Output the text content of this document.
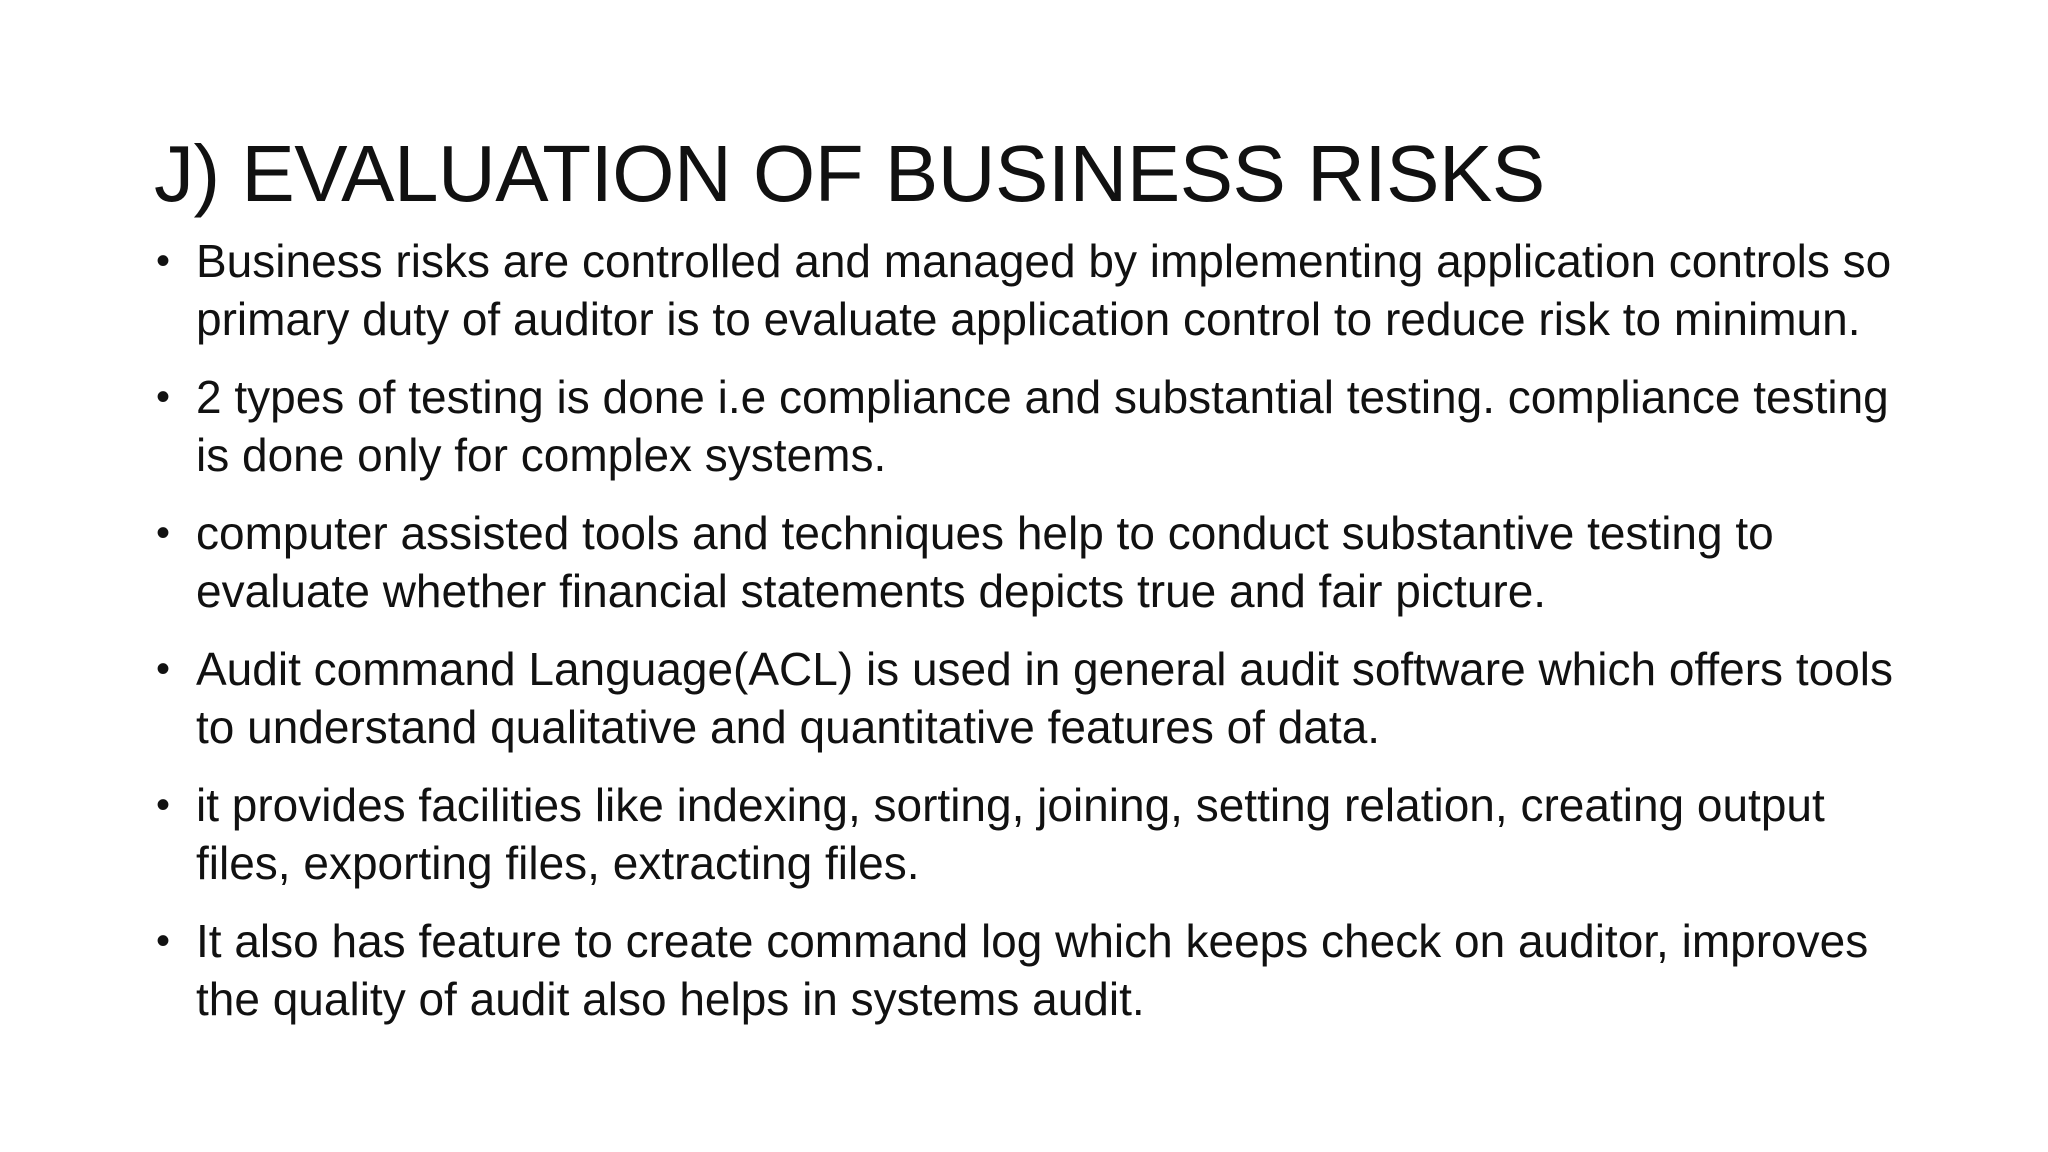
J) EVALUATION OF BUSINESS RISKS
• Business risks are controlled and managed by implementing application controls so primary duty of auditor is to evaluate application control to reduce risk to minimun.
• 2 types of testing is done i.e compliance and substantial testing. compliance testing is done only for complex systems.
• computer assisted tools and techniques help to conduct substantive testing to evaluate whether financial statements depicts true and fair picture.
• Audit command Language(ACL) is used in general audit software which offers tools to understand qualitative and quantitative features of data.
• it provides facilities like indexing, sorting, joining, setting relation, creating output files, exporting files, extracting files.
• It also has feature to create command log which keeps check on auditor, improves the quality of audit also helps in systems audit.
